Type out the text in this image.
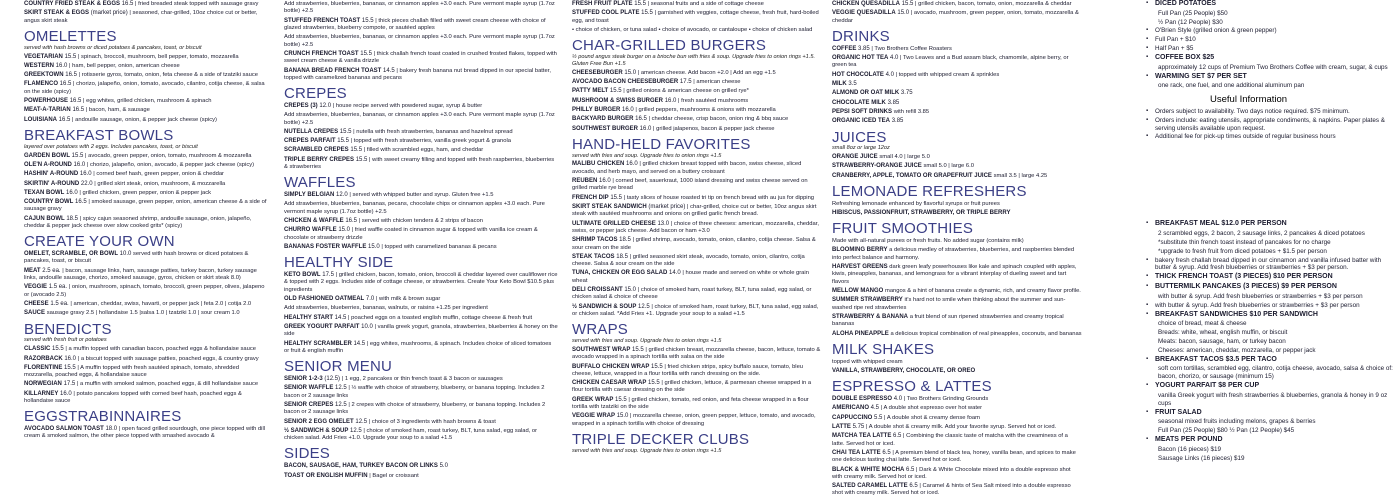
COUNTRY FRIED STEAK & EGGS 16.5 | fried breaded steak topped with sausage gravy
SKIRT STEAK & EGGS (market price) | seasoned, char-grilled, 10oz choice cut or better, angus skirt steak
OMELETTES
served with hash browns or diced potatoes & pancakes, toast, or biscuit
VEGETARIAN 15.5 | spinach, broccoli, mushroom, bell pepper, tomato, mozzarella
WESTERN 16.0 | ham, bell pepper, onion, american cheese
GREEKTOWN 16.5 | rotisserie gyros, tomato, onion, feta cheese & a side of tzatziki sauce
FLAMENCO 16.5 | chorizo, jalapeño, onion, tomato, avocado, cilantro, cotija cheese, & salsa on the side (spicy)
POWERHOUSE 16.5 | egg whites, grilled chicken, mushroom & spinach
MEAT-A-TARIAN 16.5 | bacon, ham, & sausage
LOUISIANA 16.5 | andouille sausage, onion, & pepper jack cheese (spicy)
BREAKFAST BOWLS
layered over potatoes with 2 eggs. Includes pancakes, toast, or biscuit
GARDEN BOWL 15.5 | avocado, green pepper, onion, tomato, mushroom & mozzarella
OLE'N A-ROUND 16.0 | chorizo, jalapeño, onion, avocado, & pepper jack cheese (spicy)
HASHIN' A-ROUND 16.0 | corned beef hash, green pepper, onion & cheddar
SKIRTIN' A-ROUND 22.0 | grilled skirt steak, onion, mushroom, & mozzarella
TEXAN BOWL 16.0 | grilled chicken, green pepper, onion & pepper jack
COUNTRY BOWL 16.5 | smoked sausage, green pepper, onion, american cheese & a side of sausage gravy
CAJUN BOWL 18.5 | spicy cajun seasoned shrimp, andouille sausage, onion, jalapeño, cheddar & pepper jack cheese over slow cooked grits* (spicy)
CREATE YOUR OWN
OMELET, SCRAMBLE, OR BOWL 10.0 served with hash browns or diced potatoes & pancakes, toast, or biscuit
MEAT 2.5 ea. | bacon, sausage links, ham, sausage patties, turkey bacon, turkey sausage links, andouille sausage, chorizo, smoked sausage, gyros, chicken or skirt steak 8.0)
VEGGIE 1.5 ea. | onion, mushroom, spinach, tomato, broccoli, green pepper, olives, jalapeno or (avocado 2.5)
CHEESE 1.5 ea. | american, cheddar, swiss, havarti, or pepper jack | feta 2.0 | cotija 2.0
SAUCE sausage gravy 2.5 | hollandaise 1.5 |salsa 1.0 | tzatziki 1.0 | sour cream 1.0
BENEDICTS
served with fresh fruit or potatoes
CLASSIC 15.5 | a muffin topped with canadian bacon, poached eggs & hollandaise sauce
RAZORBACK 16.0 | a biscuit topped with sausage patties, poached eggs, & country gravy
FLORENTINE 15.5 | A muffin topped with fresh sautéed spinach, tomato, shredded mozzarella, poached eggs, & hollandaise sauce
NORWEGIAN 17.5 | a muffin with smoked salmon, poached eggs, & dill hollandaise sauce
KILLARNEY 16.0 | potato pancakes topped with corned beef hash, poached eggs & hollandaise sauce
EGGSTRABINNAIRES
AVOCADO SALMON TOAST 18.0 | open faced grilled sourdough, one piece topped with dill cream & smoked salmon, the other piece topped with smashed avocado &
Add strawberries, blueberries, bananas, or cinnamon apples +3.0 each. Pure vermont maple syrup (1.7oz bottle) +2.5
STUFFED FRENCH TOAST 15.5 | thick pieces challah filled with sweet cream cheese with choice of glazed strawberries, blueberry compote, or sautéed apples
Add strawberries, blueberries, bananas, or cinnamon apples +3.0 each. Pure vermont maple syrup (1.7oz bottle) +2.5
CRUNCH FRENCH TOAST 15.5 | thick challah french toast coated in crushed frosted flakes, topped with sweet cream cheese & vanilla drizzle
BANANA BREAD FRENCH TOAST 14.5 | bakery fresh banana nut bread dipped in our special batter, topped with caramelized bananas and pecans
CREPES
CREPES (3) 12.0 | house recipe served with powdered sugar, syrup & butter
Add strawberries, blueberries, bananas, or cinnamon apples +3.0 each. Pure vermont maple syrup (1.7oz bottle) +2.5
NUTELLA CREPES 15.5 | nutella with fresh strawberries, bananas and hazelnut spread
CREPES PARFAIT 15.5 | topped with fresh strawberries, vanilla greek yogurt & granola
SCRAMBLED CREPES 15.5 | filled with scrambled eggs, ham, and cheddar
TRIPLE BERRY CREPES 15.5 | with sweet creamy filling and topped with fresh raspberries, blueberries & strawberries
WAFFLES
SIMPLY BELGIAN 12.0 | served with whipped butter and syrup. Gluten free +1.5
Add strawberries, blueberries, bananas, pecans, chocolate chips or cinnamon apples +3.0 each. Pure vermont maple syrup (1.7oz bottle) +2.5
CHICKEN & WAFFLE 16.5 | served with chicken tenders & 2 strips of bacon
CHURRO WAFFLE 15.0 | fried waffle coated in cinnamon sugar & topped with vanilla ice cream & chocolate or strawberry drizzle
BANANAS FOSTER WAFFLE 15.0 | topped with caramelized bananas & pecans
HEALTHY SIDE
KETO BOWL 17.5 | grilled chicken, bacon, tomato, onion, broccoli & cheddar layered over cauliflower rice & topped with 2 eggs. Includes side of cottage cheese, or strawberries. Create Your Keto Bowl $10.5 plus ingredients
OLD FASHIONED OATMEAL 7.0 | with milk & brown sugar
Add strawberries, blueberries, bananas, walnuts, or raisins +1.25 per ingredient
HEALTHY START 14.5 | poached eggs on a toasted english muffin, cottage cheese & fresh fruit
GREEK YOGURT PARFAIT 10.0 | vanilla greek yogurt, granola, strawberries, blueberries & honey on the side
HEALTHY SCRAMBLER 14.5 | egg whites, mushrooms, & spinach. Includes choice of sliced tomatoes or fruit & english muffin
SENIOR MENU
SENIOR 1-2-3 (12.5) | 1 egg, 2 pancakes or thin french toast & 3 bacon or sausages
SENIOR WAFFLE 12.5 | ½ waffle with choice of strawberry, blueberry, or banana topping. Includes 2 bacon or 2 sausage links
SENIOR CREPES 12.5 | 2 crepes with choice of strawberry, blueberry, or banana topping. Includes 2 bacon or 2 sausage links
SENIOR 2 EGG OMELET 12.5 | choice of 3 ingredients with hash browns & toast
½ SANDWICH & SOUP 12.5 | choice of smoked ham, roast turkey, BLT, tuna salad, egg salad, or chicken salad. Add Fries +1.0. Upgrade your soup to a salad +1.5
SIDES
BACON, SAUSAGE, HAM, TURKEY BACON OR LINKS 5.0
TOAST OR ENGLISH MUFFIN | Bagel or croissant
FRESH FRUIT PLATE 15.5 | seasonal fruits and a side of cottage cheese
STUFFED COOL PLATE 15.5 | garnished with veggies, cottage cheese, fresh fruit, hard-boiled egg, and toast
• choice of chicken, or tuna salad • choice of avocado, or cantaloupe • choice of chicken salad
CHAR-GRILLED BURGERS
½ pound angus steak burger on a brioche bun with fries & soup. Upgrade fries to onion rings +1.5. Gluten Free Bun +1.5
CHEESEBURGER 15.0 | american cheese. Add bacon +2.0 | Add an egg +1.5
AVOCADO BACON CHEESEBURGER 17.5 | american cheese
PATTY MELT 15.5 | grilled onions & american cheese on grilled rye*
MUSHROOM & SWISS BURGER 16.0 | fresh sautéed mushrooms
PHILLY BURGER 16.0 | grilled peppers, mushrooms & onions with mozzarella
BACKYARD BURGER 16.5 | cheddar cheese, crisp bacon, onion ring & bbq sauce
SOUTHWEST BURGER 16.0 | grilled jalapenos, bacon & pepper jack cheese
HAND-HELD FAVORITES
served with fries and soup. Upgrade fries to onion rings +1.5
MALIBU CHICKEN 16.0 | grilled chicken breast topped with bacon, swiss cheese, sliced avocado, and herb mayo, and served on a buttery croissant
REUBEN 16.0 | corned beef, sauerkraut, 1000 island dressing and swiss cheese served on grilled marble rye bread
FRENCH DIP 15.5 | tasty slices of house roasted tri tip on french bread with au jus for dipping
SKIRT STEAK SANDWICH (market price) | char-grilled, choice cut or better, 10oz angus skirt steak with sautéed mushrooms and onions on grilled garlic french bread.
ULTIMATE GRILLED CHEESE 13.0 | choice of three cheeses: american, mozzarella, cheddar, swiss, or pepper jack cheese. Add bacon or ham +3.0
SHRIMP TACOS 18.5 | grilled shrimp, avocado, tomato, onion, cilantro, cotija cheese. Salsa & sour cream on the side
STEAK TACOS 18.5 | grilled seasoned skirt steak, avocado, tomato, onion, cilantro, cotija cheese. Salsa & sour cream on the side
TUNA, CHICKEN OR EGG SALAD 14.0 | house made and served on white or whole grain wheat
DELI CROISSANT 15.0 | choice of smoked ham, roast turkey, BLT, tuna salad, egg salad, or chicken salad & choice of cheese
½ SANDWICH & SOUP 12.5 | choice of smoked ham, roast turkey, BLT, tuna salad, egg salad, or chicken salad. *Add Fries +1. Upgrade your soup to a salad +1.5
WRAPS
served with fries and soup. Upgrade fries to onion rings +1.5
SOUTHWEST WRAP 15.5 | grilled chicken breast, mozzarella cheese, bacon, lettuce, tomato & avocado wrapped in a spinach tortilla with salsa on the side
BUFFALO CHICKEN WRAP 15.5 | fried chicken strips, spicy buffalo sauce, tomato, bleu cheese, lettuce, wrapped in a flour tortilla with ranch dressing on the side.
CHICKEN CAESAR WRAP 15.5 | grilled chicken, lettuce, & parmesan cheese wrapped in a flour tortilla with caesar dressing on the side
GREEK WRAP 15.5 | grilled chicken, tomato, red onion, and feta cheese wrapped in a flour tortilla with tzatziki on the side
VEGGIE WRAP 15.0 | mozzarella cheese, onion, green pepper, lettuce, tomato, and avocado, wrapped in a spinach tortilla with choice of dressing
TRIPLE DECKER CLUBS
served with fries and soup. Upgrade fries to onion rings +1.5
CHICKEN QUESADILLA 15.5 | grilled chicken, bacon, tomato, onion, mozzarella & cheddar
VEGGIE QUESADILLA 15.0 | avocado, mushroom, green pepper, onion, tomato, mozzarella & cheddar
DRINKS
COFFEE 3.85 | Two Brothers Coffee Roasters
ORGANIC HOT TEA 4.0 | Two Leaves and a Bud assam black, chamomile, alpine berry, or green tea
HOT CHOCOLATE 4.0 | topped with whipped cream & sprinkles
MILK 3.5
ALMOND OR OAT MILK 3.75
CHOCOLATE MILK 3.85
PEPSI SOFT DRINKS with refill 3.85
ORGANIC ICED TEA 3.85
JUICES
small 8oz or large 12oz
ORANGE JUICE small 4.0 | large 5.0
STRAWBERRY-ORANGE JUICE small 5.0 | large 6.0
CRANBERRY, APPLE, TOMATO OR GRAPEFRUIT JUICE small 3.5 | large 4.25
LEMONADE REFRESHERS
Refreshing lemonade enhanced by flavorful syrups or fruit purees
HIBISCUS, PASSIONFRUIT, STRAWBERRY, OR TRIPLE BERRY
FRUIT SMOOTHIES
Made with all-natural purees or fresh fruits. No added sugar (contains milk)
BLOOMING BERRY a delicious medley of strawberries, blueberries, and raspberries blended into perfect balance and harmony.
HARVEST GREENS dark green leafy powerhouses like kale and spinach coupled with apples, kiwis, pineapples, bananas, and lemongrass for a vibrant interplay of dueling sweet and tart flavors
MELLOW MANGO mangos & a hint of banana create a dynamic, rich, and creamy flavor profile.
SUMMER STRAWBERRY it's hard not to smile when thinking about the summer and sun-washed ripe red strawberries
STRAWBERRY & BANANA a fruit blend of sun ripened strawberries and creamy tropical bananas
ALOHA PINEAPPLE a delicious tropical combination of real pineapples, coconuts, and bananas
MILK SHAKES
topped with whipped cream
VANILLA, STRAWBERRY, CHOCOLATE, OR OREO
ESPRESSO & LATTES
DOUBLE ESPRESSO 4.0 | Two Brothers Grinding Grounds
AMERICANO 4.5 | A double shot espresso over hot water
CAPPUCCINO 5.5 | A double shot & creamy dense foam
LATTE 5.75 | A double shot & creamy milk. Add your favorite syrup. Served hot or iced.
MATCHA TEA LATTE 6.5 | Combining the classic taste of matcha with the creaminess of a latte. Served hot or iced.
CHAI TEA LATTE 6.5 | A premium blend of black tea, honey, vanilla bean, and spices to make one delicious tasting chai latte. Served hot or iced.
BLACK & WHITE MOCHA 6.5 | Dark & White Chocolate mixed into a double espresso shot with creamy milk. Served hot or iced.
SALTED CARAMEL LATTE 6.5 | Caramel & hints of Sea Salt mixed into a double espresso shot with creamy milk. Served hot or iced.
▪ DICED POTATOES
Full Pan (25 People) $50
½ Pan (12 People) $30
▪ O'Brien Style (grilled onion & green pepper)
▪ Full Pan + $10
▪ Half Pan + $5
▪ COFFEE BOX $25
approximately 12 cups of Premium Two Brothers Coffee with cream, sugar, & cups
▪ WARMING SET $7 PER SET
one rack, one fuel, and one additional aluminum pan
Useful Information
▪ Orders subject to availability. Two days notice required. $75 minimum.
▪ Orders include: eating utensils, appropriate condiments, & napkins. Paper plates & serving utensils available upon request.
▪ Additional fee for pick-up times outside of regular business hours
▪ BREAKFAST MEAL $12.0 PER PERSON
2 scrambled eggs, 2 bacon, 2 sausage links, 2 pancakes & diced potatoes
*substitute thin french toast instead of pancakes for no charge
*upgrade to fresh fruit from diced potatoes + $1.5 per person
▪ bakery fresh challah bread dipped in our cinnamon and vanilla infused batter with butter & syrup. Add fresh blueberries or strawberries + $3 per person.
▪ THICK FRENCH TOAST (3 PIECES) $10 PER PERSON
▪ BUTTERMILK PANCAKES (3 PIECES) $9 PER PERSON
with butter & syrup. Add fresh blueberries or strawberries + $3 per person
▪ with butter & syrup. Add fresh blueberries or strawberries + $3 per person
▪ BREAKFAST SANDWICHES $10 PER SANDWICH
choice of bread, meat & cheese
Breads: white, wheat, english muffin, or biscuit
Meats: bacon, sausage, ham, or turkey bacon
Cheeses: american, cheddar, mozzarella, or pepper jack
▪ BREAKFAST TACOS $3.5 PER TACO
soft corn tortillas, scrambled egg, cilantro, cotija cheese, avocado, salsa & choice of: bacon, chorizo, or sausage (minimum 15)
▪ YOGURT PARFAIT $8 PER CUP
vanilla Greek yogurt with fresh strawberries & blueberries, granola & honey in 9 oz cups
▪ FRUIT SALAD
seasonal mixed fruits including melons, grapes & berries
Full Pan (25 People) $80 ½ Pan (12 People) $45
▪ MEATS PER POUND
Bacon (16 pieces) $19
Sausage Links (16 pieces) $19
